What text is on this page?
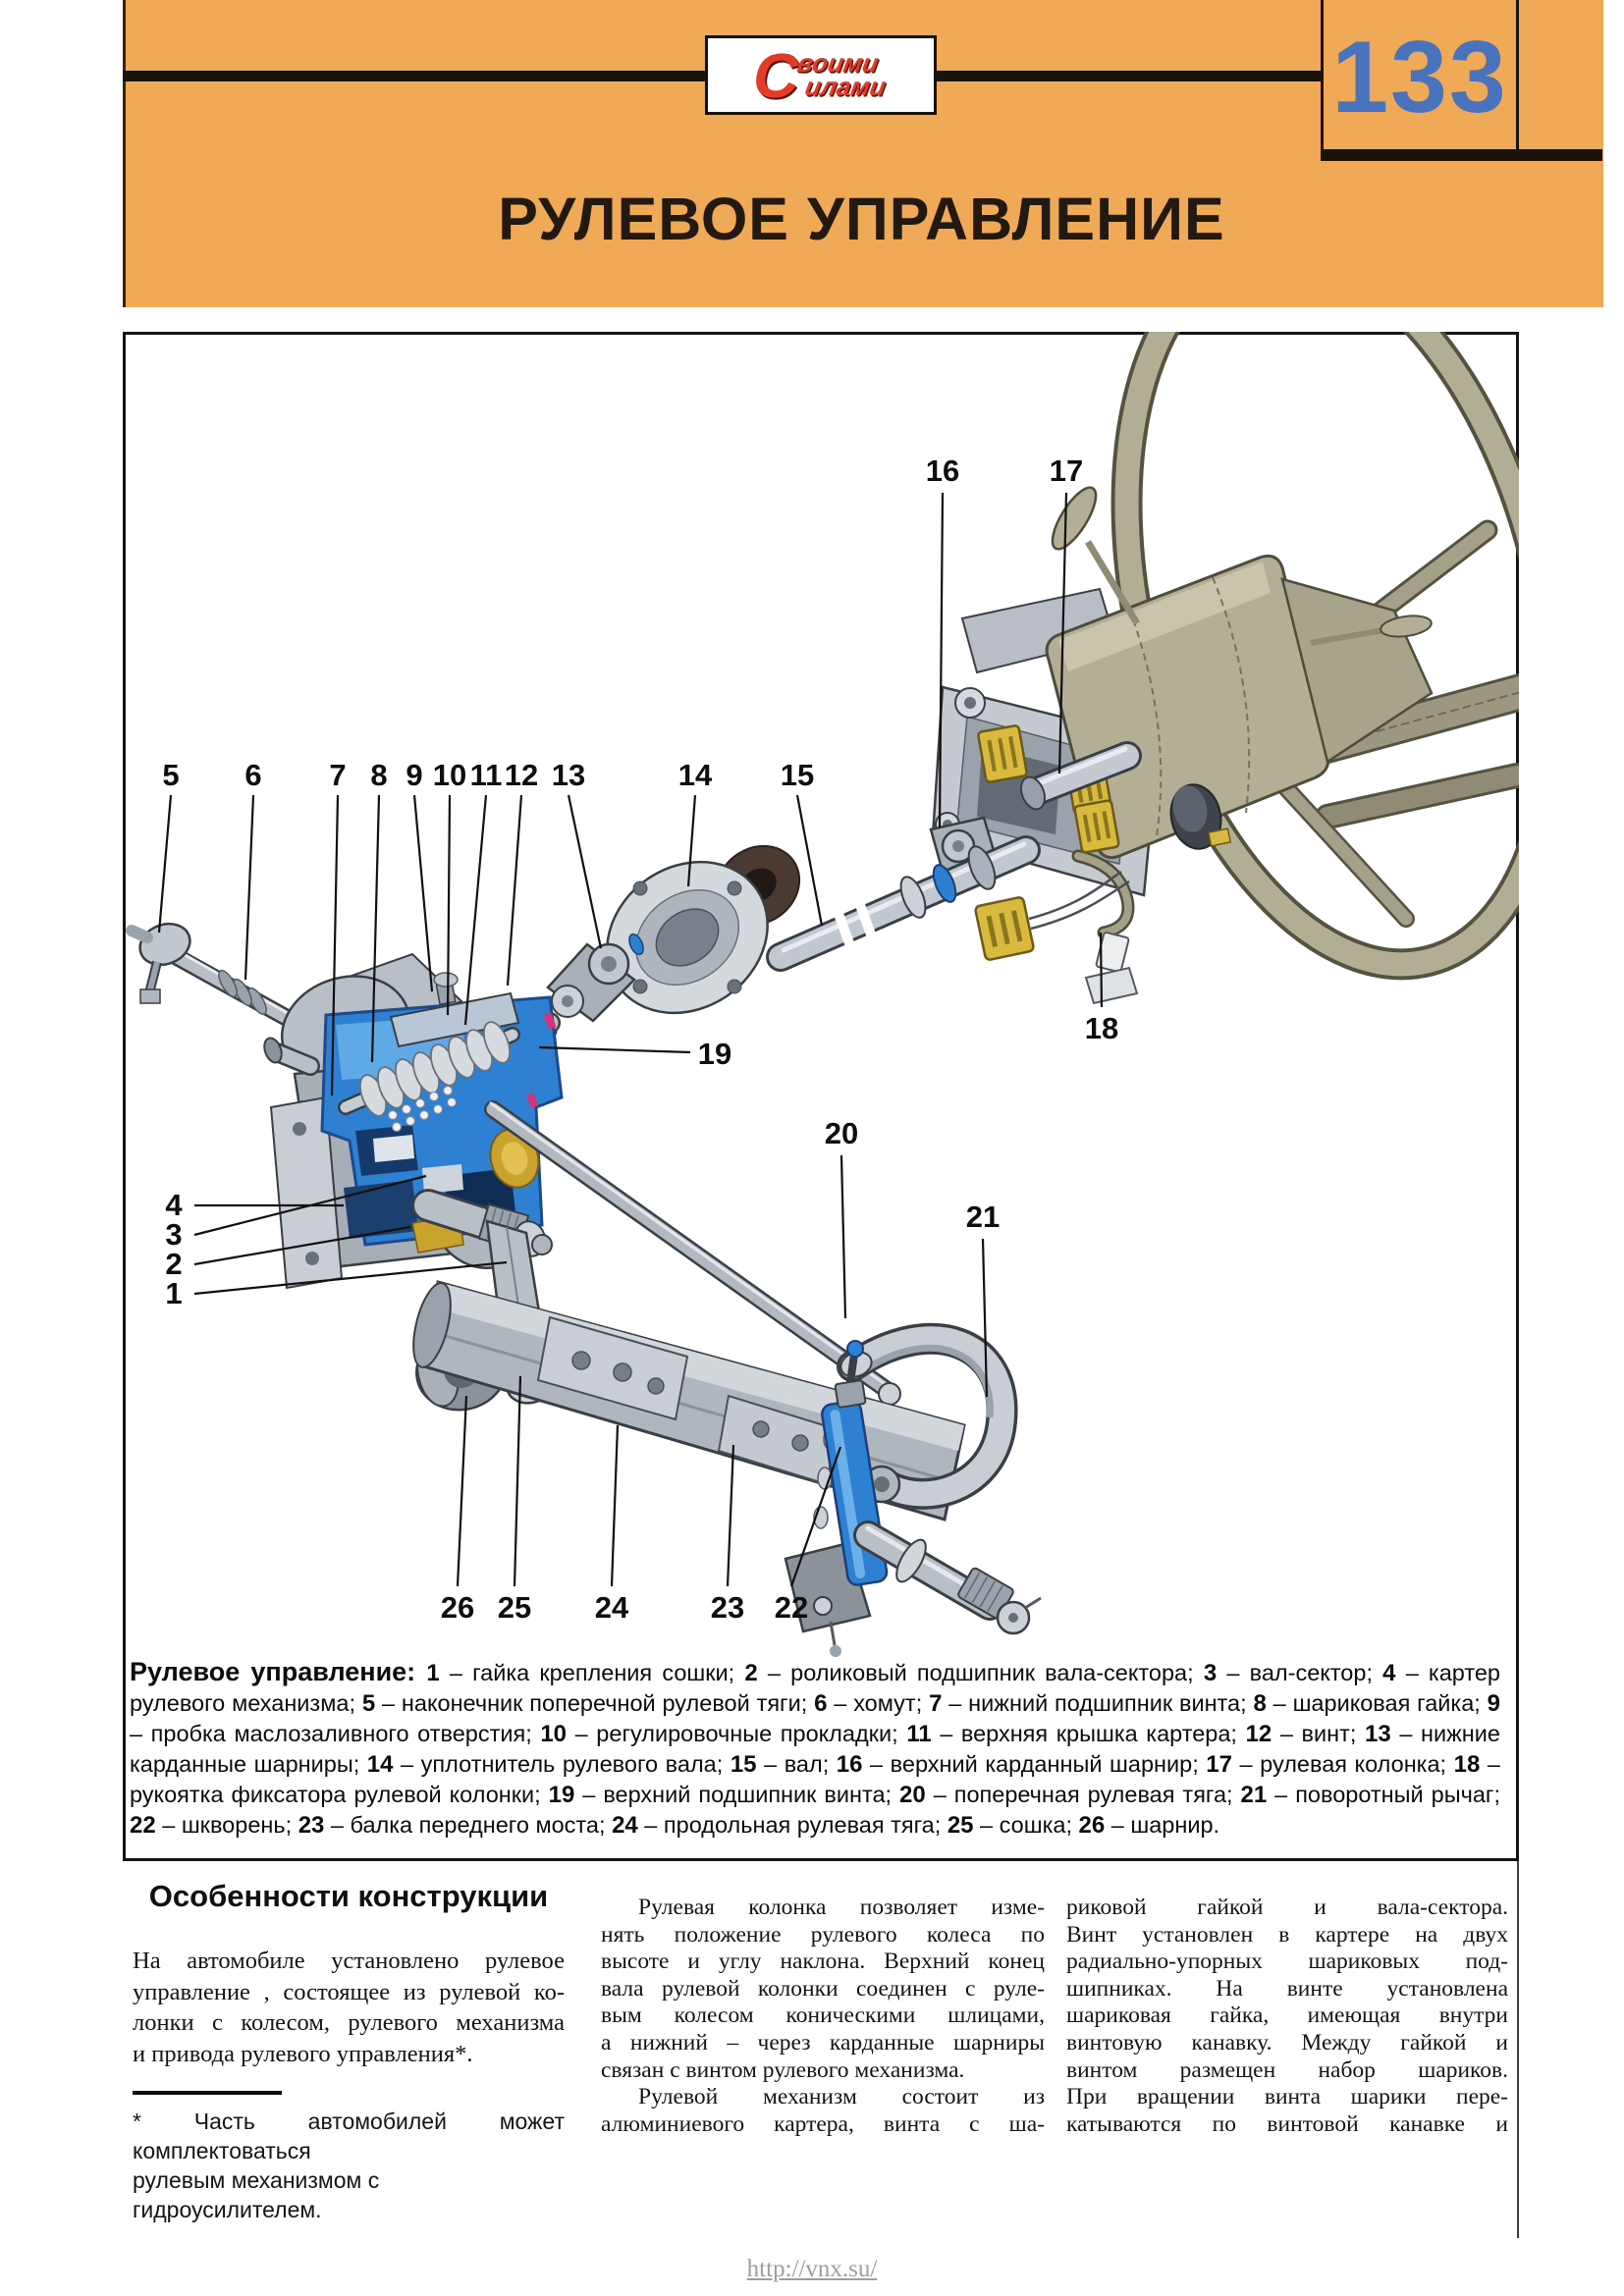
133
С
воими
илами
РУЛЕВОЕ УПРАВЛЕНИЕ
5 6 7 8 9 10 11 12 13	14 15
16	17
18
19
20
21
4
3
2
1
26 25 24	23 22
Рулевое управление: 1 – гайка крепления сошки; 2 – роликовый подшипник вала-сектора; 3 – вал-сектор; 4 – картер рулевого механизма; 5 – наконечник поперечной рулевой тяги; 6 – хомут; 7 – нижний подшипник винта; 8 – шариковая гайка; 9 – пробка маслозаливного отверстия; 10 – регулировочные прокладки; 11 – верхняя крышка картера; 12 – винт; 13 – нижние карданные шарниры; 14 – уплотнитель рулевого вала; 15 – вал; 16 – верхний карданный шарнир; 17 – рулевая колонка; 18 – рукоятка фиксатора рулевой колонки; 19 – верхний подшипник винта; 20 – поперечная рулевая тяга; 21 – поворотный рычаг; 22 – шкворень; 23 – балка переднего моста; 24 – продольная рулевая тяга; 25 – сошка; 26 – шарнир.
Особенности конструкции
На автомобиле установлено рулевое
управление , состоящее из рулевой ко-
лонки с колесом, рулевого механизма
и привода рулевого управления*.
* Часть автомобилей может комплектоваться
рулевым механизмом с гидроусилителем.
Рулевая колонка позволяет изме-
нять положение рулевого колеса по
высоте и углу наклона. Верхний конец
вала рулевой колонки соединен с руле-
вым колесом коническими шлицами,
а нижний – через карданные шарниры
связан с винтом рулевого механизма.
Рулевой механизм состоит из
алюминиевого картера, винта с ша-
риковой гайкой и вала-сектора.
Винт установлен в картере на двух
радиально-упорных шариковых под-
шипниках. На винте установлена
шариковая гайка, имеющая внутри
винтовую канавку. Между гайкой и
винтом размещен набор шариков.
При вращении винта шарики пере-
катываются по винтовой канавке и
http://vnx.su/
